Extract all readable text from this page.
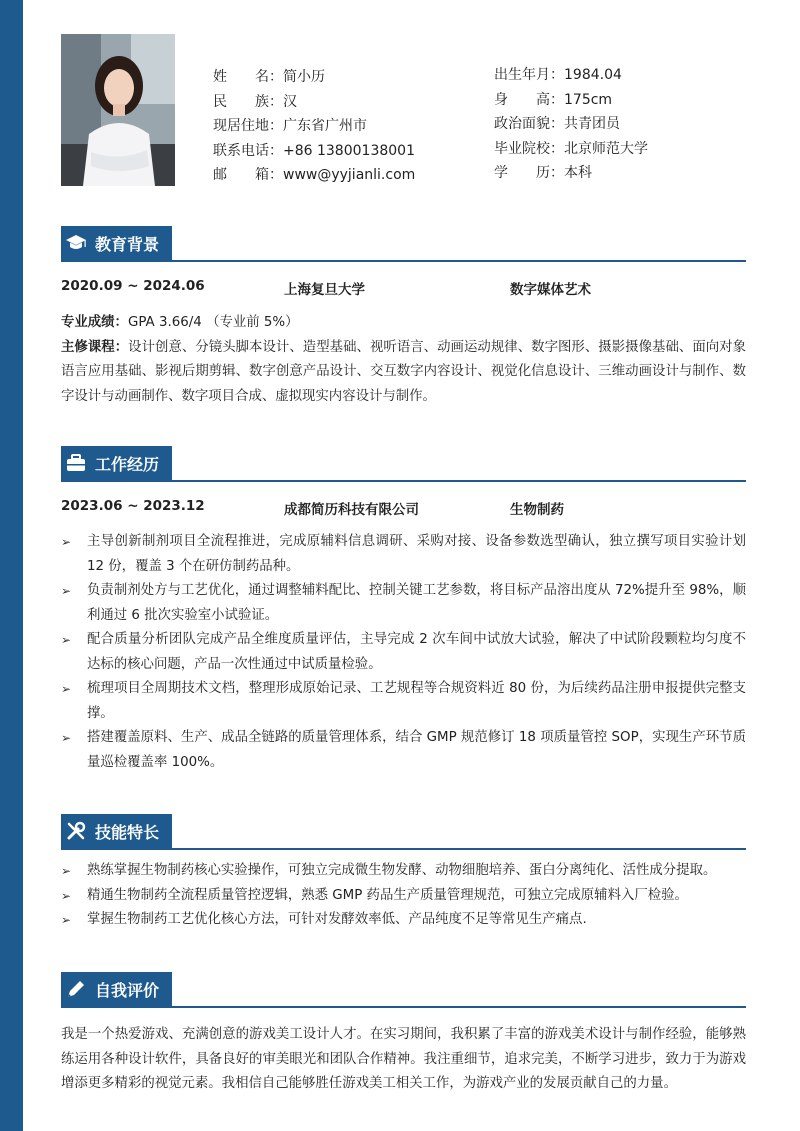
姓名 ： 简小历
民族 ： 汉
现居住地 ： 广东省广州市
联系电话 ： +86 13800138001
邮箱 ： www@yyjianli.com
出生年月 ： 1984.04
身高 ： 175cm
政治面貌 ： 共青团员
毕业院校 ： 北京师范大学
学历 ： 本科
教育背景
2020.09 ~ 2024.06	上海复旦大学	数字媒体艺术
专业成绩：GPA 3.66/4 （专业前 5%）
主修课程：设计创意、分镜头脚本设计、造型基础、视听语言、动画运动规律、数字图形、摄影摄像基础、面向对象语言应用基础、影视后期剪辑、数字创意产品设计、交互数字内容设计、视觉化信息设计、三维动画设计与制作、数字设计与动画制作、数字项目合成、虚拟现实内容设计与制作。
工作经历
2023.06 ~ 2023.12	成都简历科技有限公司	生物制药
➢ 主导创新制剂项目全流程推进，完成原辅料信息调研、采购对接、设备参数选型确认，独立撰写项目实验计划 12 份，覆盖 3 个在研仿制药品种。
➢ 负责制剂处方与工艺优化，通过调整辅料配比、控制关键工艺参数，将目标产品溶出度从 72%提升至 98%，顺利通过 6 批次实验室小试验证。
➢ 配合质量分析团队完成产品全维度质量评估，主导完成 2 次车间中试放大试验，解决了中试阶段颗粒均匀度不达标的核心问题，产品一次性通过中试质量检验。
➢ 梳理项目全周期技术文档，整理形成原始记录、工艺规程等合规资料近 80 份，为后续药品注册申报提供完整支撑。
➢ 搭建覆盖原料、生产、成品全链路的质量管理体系，结合 GMP 规范修订 18 项质量管控 SOP，实现生产环节质量巡检覆盖率 100%。
技能特长
➢ 熟练掌握生物制药核心实验操作，可独立完成微生物发酵、动物细胞培养、蛋白分离纯化、活性成分提取。
➢ 精通生物制药全流程质量管控逻辑，熟悉 GMP 药品生产质量管理规范，可独立完成原辅料入厂检验。
➢ 掌握生物制药工艺优化核心方法，可针对发酵效率低、产品纯度不足等常见生产痛点.
自我评价
我是一个热爱游戏、充满创意的游戏美工设计人才。在实习期间，我积累了丰富的游戏美术设计与制作经验，能够熟练运用各种设计软件，具备良好的审美眼光和团队合作精神。我注重细节，追求完美，不断学习进步，致力于为游戏增添更多精彩的视觉元素。我相信自己能够胜任游戏美工相关工作，为游戏产业的发展贡献自己的力量。
